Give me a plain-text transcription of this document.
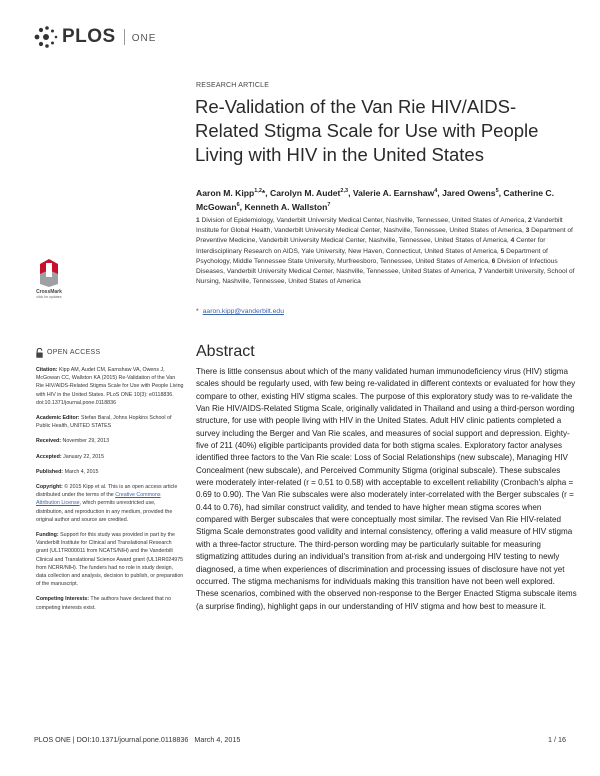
PLOS ONE
RESEARCH ARTICLE
Re-Validation of the Van Rie HIV/AIDS-Related Stigma Scale for Use with People Living with HIV in the United States
Aaron M. Kipp$^{1,2}$*, Carolyn M. Audet$^{2,3}$, Valerie A. Earnshaw$^4$, Jared Owens$^5$, Catherine C. McGowan$^6$, Kenneth A. Wallston$^7$
1 Division of Epidemiology, Vanderbilt University Medical Center, Nashville, Tennessee, United States of America, 2 Vanderbilt Institute for Global Health, Vanderbilt University Medical Center, Nashville, Tennessee, United States of America, 3 Department of Preventive Medicine, Vanderbilt University Medical Center, Nashville, Tennessee, United States of America, 4 Center for Interdisciplinary Research on AIDS, Yale University, New Haven, Connecticut, United States of America, 5 Department of Psychology, Middle Tennessee State University, Murfreesboro, Tennessee, United States of America, 6 Division of Infectious Diseases, Vanderbilt University Medical Center, Nashville, Tennessee, United States of America, 7 Vanderbilt University, School of Nursing, Nashville, Tennessee, United States of America
* aaron.kipp@vanderbilt.edu
CrossMark
click for updates
OPEN ACCESS
Citation: Kipp AM, Audet CM, Earnshaw VA, Owens J, McGowan CC, Wallston KA (2015) Re-Validation of the Van Rie HIV/AIDS-Related Stigma Scale for Use with People Living with HIV in the United States. PLoS ONE 10(3): e0118836. doi:10.1371/journal.pone.0118836
Academic Editor: Stefan Baral, Johns Hopkins School of Public Health, UNITED STATES
Received: November 29, 2013
Accepted: January 22, 2015
Published: March 4, 2015
Copyright: © 2015 Kipp et al. This is an open access article distributed under the terms of the Creative Commons Attribution License, which permits unrestricted use, distribution, and reproduction in any medium, provided the original author and source are credited.
Funding: Support for this study was provided in part by the Vanderbilt Institute for Clinical and Translational Research grant (UL1TR000011 from NCATS/NIH) and the Vanderbilt Clinical and Translational Science Award grant (UL1RR024975 from NCRR/NIH). The funders had no role in study design, data collection and analysis, decision to publish, or preparation of the manuscript.
Competing Interests: The authors have declared that no competing interests exist.
Abstract

There is little consensus about which of the many validated human immunodeficiency virus (HIV) stigma scales should be regularly used, with few being re-validated in different contexts or evaluated for how they compare to other, existing HIV stigma scales. The purpose of this exploratory study was to re-validate the Van Rie HIV/AIDS-Related Stigma Scale, originally validated in Thailand and using a third-person wording structure, for use with people living with HIV in the United States. Adult HIV clinic patients completed a survey including the Berger and Van Rie scales, and measures of social support and depression. Eighty-five of 211 (40%) eligible participants provided data for both stigma scales. Exploratory factor analyses identified three factors to the Van Rie scale: Loss of Social Relationships (new subscale), Managing HIV Concealment (new subscale), and Perceived Community Stigma (original subscale). These subscales were moderately inter-related (r = 0.51 to 0.58) with acceptable to excellent reliability (Cronbach's alpha = 0.69 to 0.90). The Van Rie subscales were also moderately inter-correlated with the Berger subscales (r = 0.44 to 0.76), had similar construct validity, and tended to have higher mean stigma scores when compared with Berger subscales that were conceptually most similar. The revised Van Rie HIV-related Stigma Scale demonstrates good validity and internal consistency, offering a valid measure of HIV stigma with a three-factor structure. The third-person wording may be particularly suitable for measuring stigmatizing attitudes during an individual's transition from at-risk and undergoing HIV testing to newly diagnosed, a time when experiences of discrimination and processing issues of disclosure have not yet occurred. The stigma mechanisms for individuals making this transition have not been well explored. These scenarios, combined with the observed non-response to the Berger Enacted Stigma subscale items (a surprise finding), highlight gaps in our understanding of HIV stigma and how best to measure it.

PLOS ONE | DOI:10.1371/journal.pone.0118836 March 4, 2015	1 / 16
